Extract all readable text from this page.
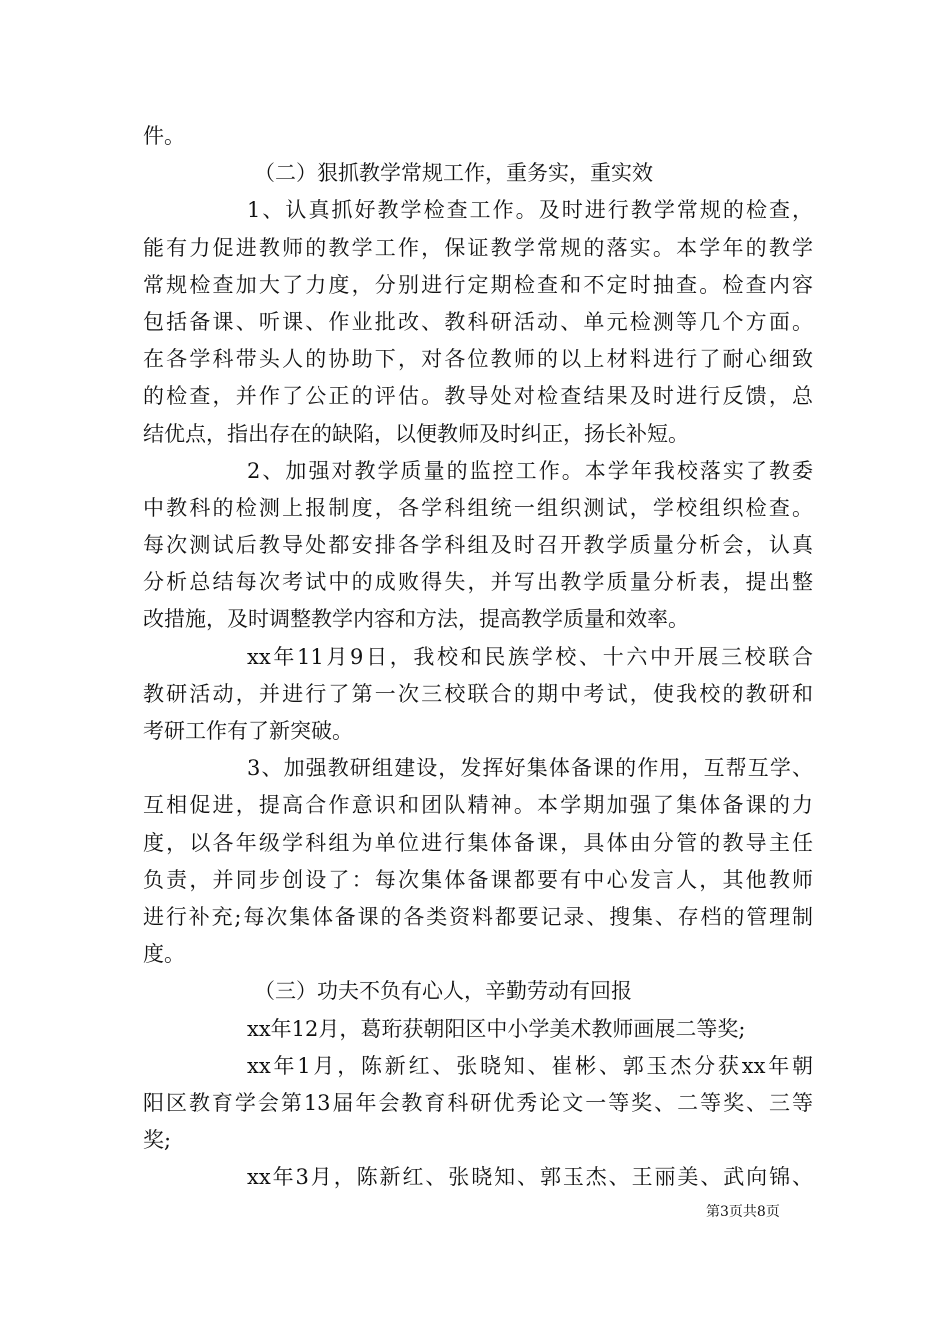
件。
（二）狠抓教学常规工作，重务实，重实效
1、认真抓好教学检查工作。及时进行教学常规的检查，
能有力促进教师的教学工作，保证教学常规的落实。本学年的教学
常规检查加大了力度，分别进行定期检查和不定时抽查。检查内容
包括备课、听课、作业批改、教科研活动、单元检测等几个方面。
在各学科带头人的协助下，对各位教师的以上材料进行了耐心细致
的检查，并作了公正的评估。教导处对检查结果及时进行反馈，总
结优点，指出存在的缺陷，以便教师及时纠正，扬长补短。
2、加强对教学质量的监控工作。本学年我校落实了教委
中教科的检测上报制度，各学科组统一组织测试，学校组织检查。
每次测试后教导处都安排各学科组及时召开教学质量分析会，认真
分析总结每次考试中的成败得失，并写出教学质量分析表，提出整
改措施，及时调整教学内容和方法，提高教学质量和效率。
xx年11月9日，我校和民族学校、十六中开展三校联合
教研活动，并进行了第一次三校联合的期中考试，使我校的教研和
考研工作有了新突破。
3、加强教研组建设，发挥好集体备课的作用，互帮互学、
互相促进，提高合作意识和团队精神。本学期加强了集体备课的力
度，以各年级学科组为单位进行集体备课，具体由分管的教导主任
负责，并同步创设了：每次集体备课都要有中心发言人，其他教师
进行补充;每次集体备课的各类资料都要记录、搜集、存档的管理制
度。
（三）功夫不负有心人，辛勤劳动有回报
xx年12月，葛珩获朝阳区中小学美术教师画展二等奖;
xx年1月，陈新红、张晓知、崔彬、郭玉杰分获xx年朝
阳区教育学会第13届年会教育科研优秀论文一等奖、二等奖、三等
奖;
xx年3月，陈新红、张晓知、郭玉杰、王丽美、武向锦、
第3页共8页
